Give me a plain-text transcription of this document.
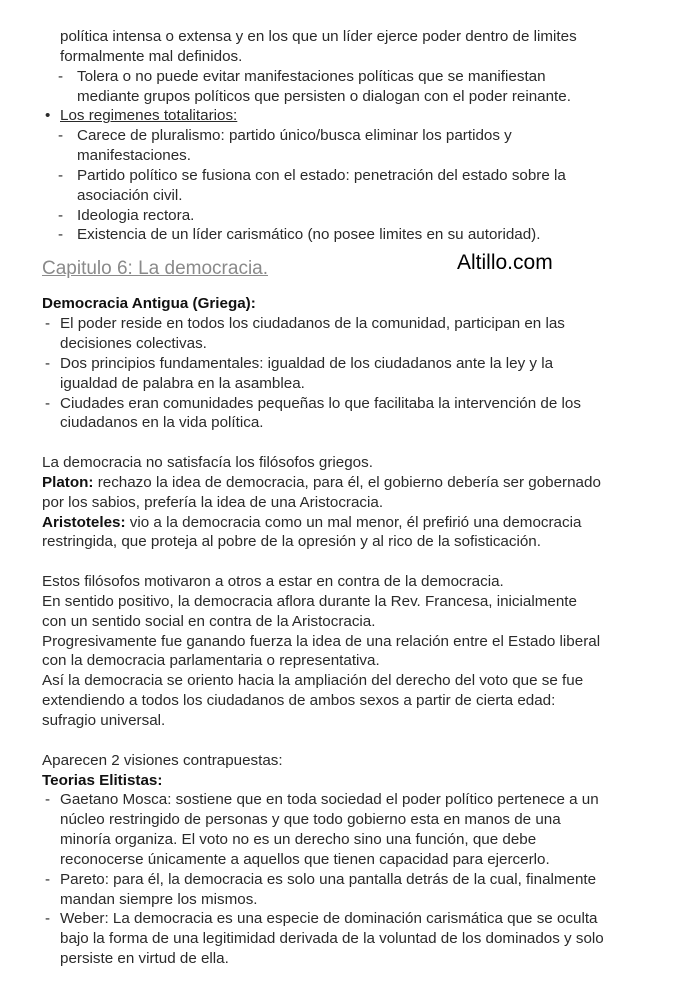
política intensa o extensa y en los que un líder ejerce poder dentro de limites
formalmente mal definidos.
- Tolera o no puede evitar manifestaciones políticas que se manifiestan
mediante grupos políticos que persisten o dialogan con el poder reinante.
• Los regimenes totalitarios:
- Carece de pluralismo: partido único/busca eliminar los partidos y
manifestaciones.
- Partido político se fusiona con el estado: penetración del estado sobre la
asociación civil.
- Ideologia rectora.
- Existencia de un líder carismático (no posee limites en su autoridad).
Capitulo 6: La democracia.	Altillo.com
Democracia Antigua (Griega):
- El poder reside en todos los ciudadanos de la comunidad, participan en las
decisiones colectivas.
- Dos principios fundamentales: igualdad de los ciudadanos ante la ley y la
igualdad de palabra en la asamblea.
- Ciudades eran comunidades pequeñas lo que facilitaba la intervención de los
ciudadanos en la vida política.
La democracia no satisfacía los filósofos griegos.
Platon: rechazo la idea de democracia, para él, el gobierno debería ser gobernado
por los sabios, prefería la idea de una Aristocracia.
Aristoteles: vio a la democracia como un mal menor, él prefirió una democracia
restringida, que proteja al pobre de la opresión y al rico de la sofisticación.
Estos filósofos motivaron a otros a estar en contra de la democracia.
En sentido positivo, la democracia aflora durante la Rev. Francesa, inicialmente
con un sentido social en contra de la Aristocracia.
Progresivamente fue ganando fuerza la idea de una relación entre el Estado liberal
con la democracia parlamentaria o representativa.
Así la democracia se oriento hacia la ampliación del derecho del voto que se fue
extendiendo a todos los ciudadanos de ambos sexos a partir de cierta edad:
sufragio universal.
Aparecen 2 visiones contrapuestas:
Teorias Elitistas:
- Gaetano Mosca: sostiene que en toda sociedad el poder político pertenece a un
núcleo restringido de personas y que todo gobierno esta en manos de una
minoría organiza. El voto no es un derecho sino una función, que debe
reconocerse únicamente a aquellos que tienen capacidad para ejercerlo.
- Pareto: para él, la democracia es solo una pantalla detrás de la cual, finalmente
mandan siempre los mismos.
- Weber: La democracia es una especie de dominación carismática que se oculta
bajo la forma de una legitimidad derivada de la voluntad de los dominados y solo
persiste en virtud de ella.
